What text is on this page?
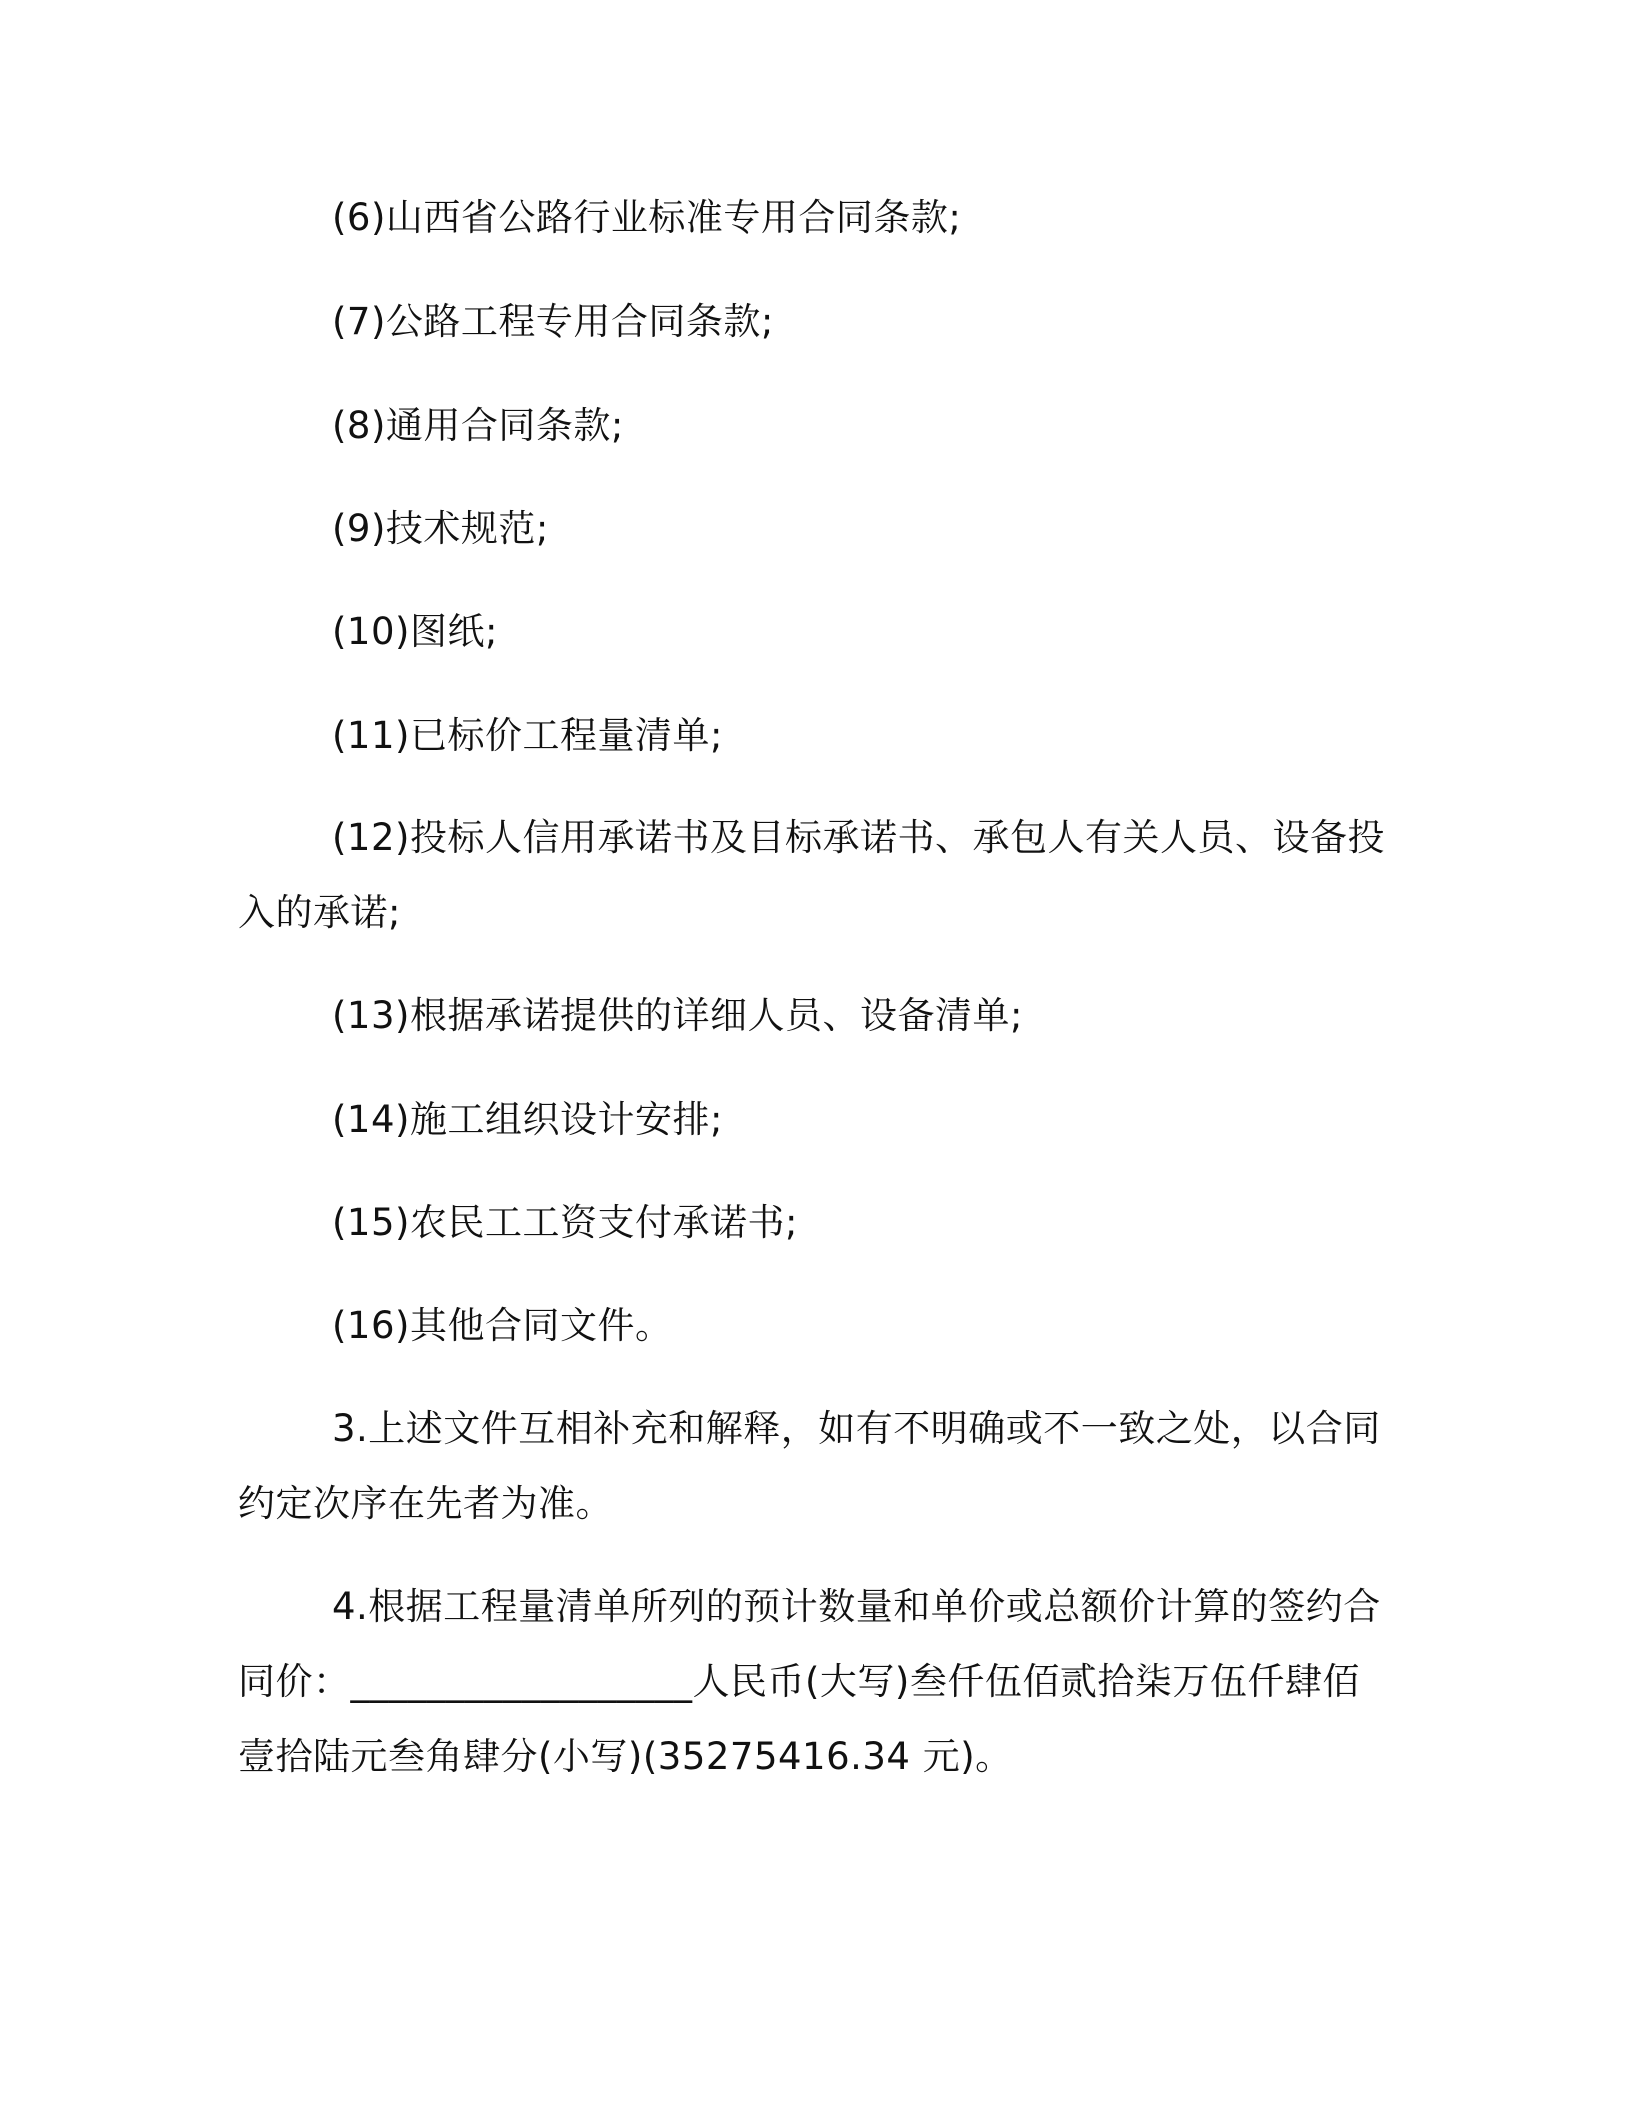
(6)山西省公路行业标准专用合同条款;
(7)公路工程专用合同条款;
(8)通用合同条款;
(9)技术规范;
(10)图纸;
(11)已标价工程量清单;
(12)投标人信用承诺书及目标承诺书、承包人有关人员、设备投
入的承诺;
(13)根据承诺提供的详细人员、设备清单;
(14)施工组织设计安排;
(15)农民工工资支付承诺书;
(16)其他合同文件。
3.上述文件互相补充和解释，如有不明确或不一致之处，以合同
约定次序在先者为准。
4.根据工程量清单所列的预计数量和单价或总额价计算的签约合
同价：__________________人民币(大写)叁仟伍佰贰拾柒万伍仟肆佰
壹拾陆元叁角肆分(小写)(35275416.34 元)。
